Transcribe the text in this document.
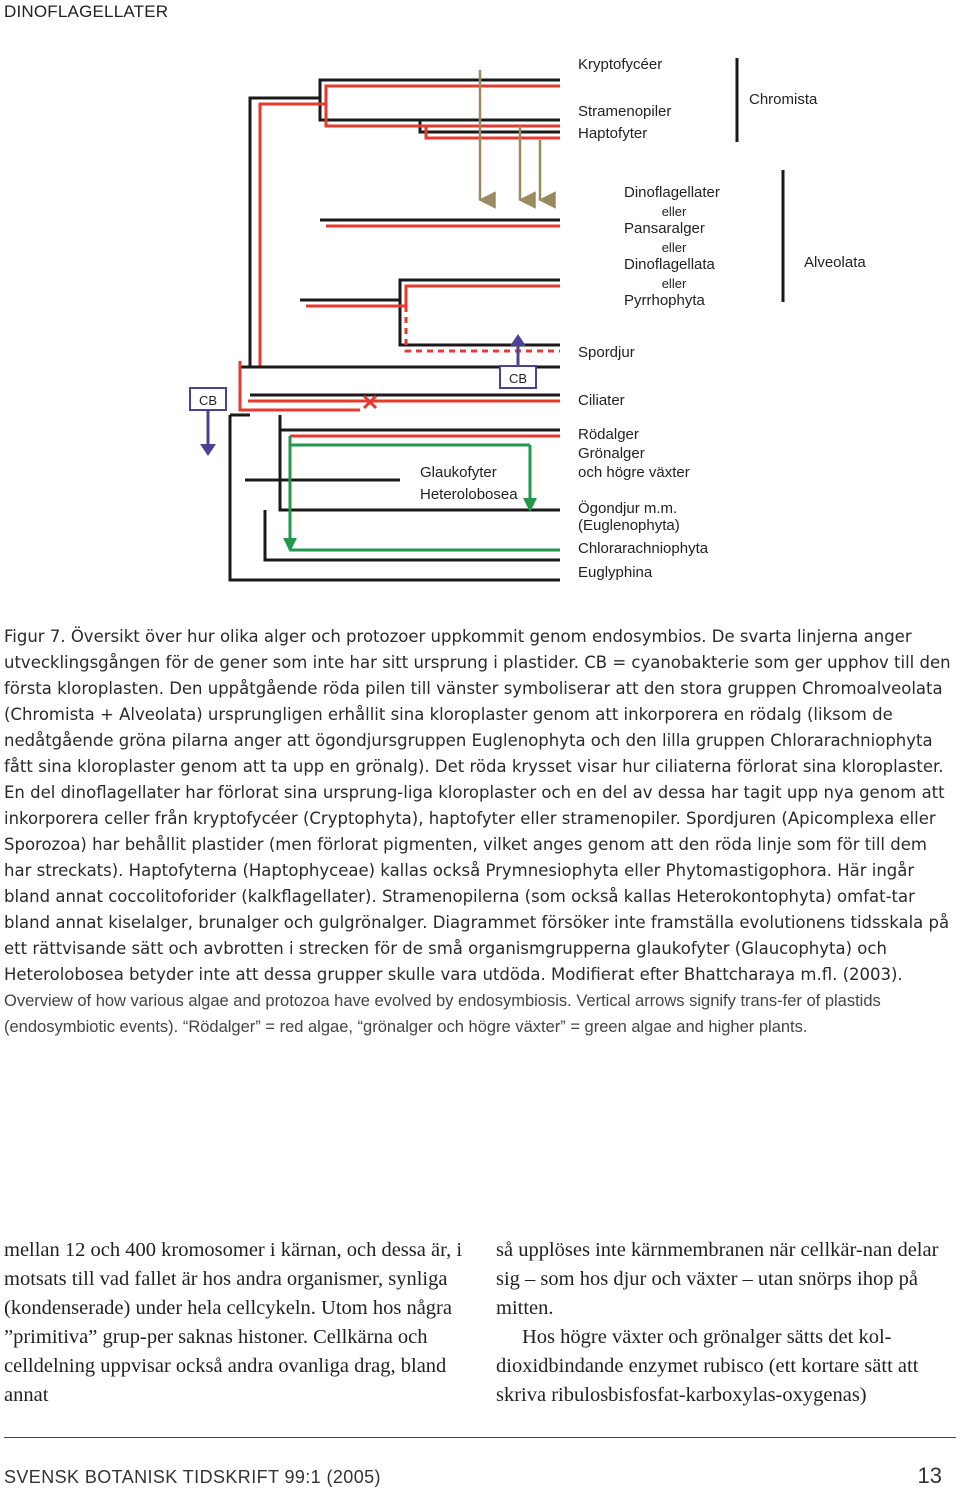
DINOFLAGELLATER
Kryptofycéer
Stramenopiler
Haptofyter
Chromista
Dinoflagellater
eller
Pansaralger
eller
Dinoflagellata
eller
Pyrrhophyta
Alveolata
Spordjur
CB
CB	Ciliater
Rödalger
Grönalger
och högre växter
Glaukofyter
Heterolobosea
Ögondjur m.m.
(Euglenophyta)
Chlorarachniophyta
Euglyphina

Figur 7. Översikt över hur olika alger och protozoer uppkommit genom endosymbios. De svarta linjerna anger utvecklingsgången för de gener som inte har sitt ursprung i plastider. CB = cyanobakterie som ger upphov till den första kloroplasten. Den uppåtgående röda pilen till vänster symboliserar att den stora gruppen Chromoalveolata (Chromista + Alveolata) ursprungligen erhållit sina kloroplaster genom att inkorporera en rödalg (liksom de nedåtgående gröna pilarna anger att ögondjursgruppen Euglenophyta och den lilla gruppen Chlorarachniophyta fått sina kloroplaster genom att ta upp en grönalg). Det röda krysset visar hur ciliaterna förlorat sina kloroplaster. En del dinoflagellater har förlorat sina ursprung-liga kloroplaster och en del av dessa har tagit upp nya genom att inkorporera celler från kryptofycéer (Cryptophyta), haptofyter eller stramenopiler. Spordjuren (Apicomplexa eller Sporozoa) har behållit plastider (men förlorat pigmenten, vilket anges genom att den röda linje som för till dem har streckats). Haptofyterna (Haptophyceae) kallas också Prymnesiophyta eller Phytomastigophora. Här ingår bland annat coccolitoforider (kalkflagellater). Stramenopilerna (som också kallas Heterokontophyta) omfat-tar bland annat kiselalger, brunalger och gulgrönalger. Diagrammet försöker inte framställa evolutionens tidsskala på ett rättvisande sätt och avbrotten i strecken för de små organismgrupperna glaukofyter (Glaucophyta) och Heterolobosea betyder inte att dessa grupper skulle vara utdöda. Modifierat efter Bhattcharaya m.fl. (2003).

Overview of how various algae and protozoa have evolved by endosymbiosis. Vertical arrows signify trans-fer of plastids (endosymbiotic events). “Rödalger” = red algae, “grönalger och högre växter” = green algae and higher plants.

mellan 12 och 400 kromosomer i kärnan, och dessa är, i motsats till vad fallet är hos andra organismer, synliga (kondenserade) under hela cellcykeln. Utom hos några ”primitiva” grup-per saknas histoner. Cellkärna och celldelning uppvisar också andra ovanliga drag, bland annat

så upplöses inte kärnmembranen när cellkär-nan delar sig – som hos djur och växter – utan snörps ihop på mitten.

Hos högre växter och grönalger sätts det kol-dioxidbindande enzymet rubisco (ett kortare sätt att skriva ribulosbisfosfat-karboxylas-oxygenas)

SVENSK BOTANISK TIDSKRIFT 99:1 (2005)	13
